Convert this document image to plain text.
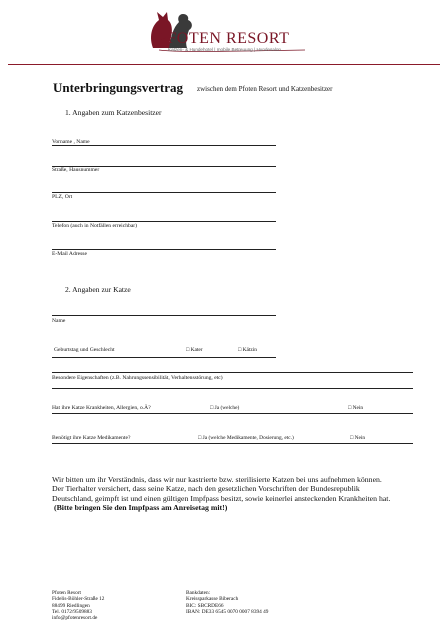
PFOTEN RESORT
Katzen- & Hundehotel | mobile Betreuung | Hundesalon
Unterbringungsvertrag zwischen dem Pfoten Resort und Katzenbesitzer
1. Angaben zum Katzenbesitzer
Vorname , Name
Straße, Hausnummer
PLZ, Ort
Telefon (auch in Notfällen erreichbar)
E-Mail Adresse
2. Angaben zur Katze
Name
Geburtstag und Geschlecht	□ Kater	□ Kätzin
Besondere Eigenschaften (z.B. Nahrungssensibilität, Verhaltensstörung, etc)
Hat ihre Katze Krankheiten, Allergien, o.Ä?	□ Ja (welche)	□ Nein
Benötigt ihre Katze Medikamente?	□ Ja (welche Medikamente, Dosierung, etc.)	□ Nein

Wir bitten um ihr Verständnis, dass wir nur kastrierte bzw. sterilisierte Katzen bei uns aufnehmen können.

Der Tierhalter versichert, dass seine Katze, nach den gesetzlichen Vorschriften der Bundesrepublik Deutschland, geimpft ist und einen gültigen Impfpass besitzt, sowie keinerlei ansteckenden Krankheiten hat.

(Bitte bringen Sie den Impfpass am Anreisetag mit!)

Pfoten Resort
Fidelis-Böhler-Straße 12
88499 Riedlingen
Tel. 0172/9509883
info@pfotenresort.de
Bankdaten:
Kreissparkasse Biberach
BIC: SBCRDE66
IBAN: DE33 6545 0070 0007 8394 49
